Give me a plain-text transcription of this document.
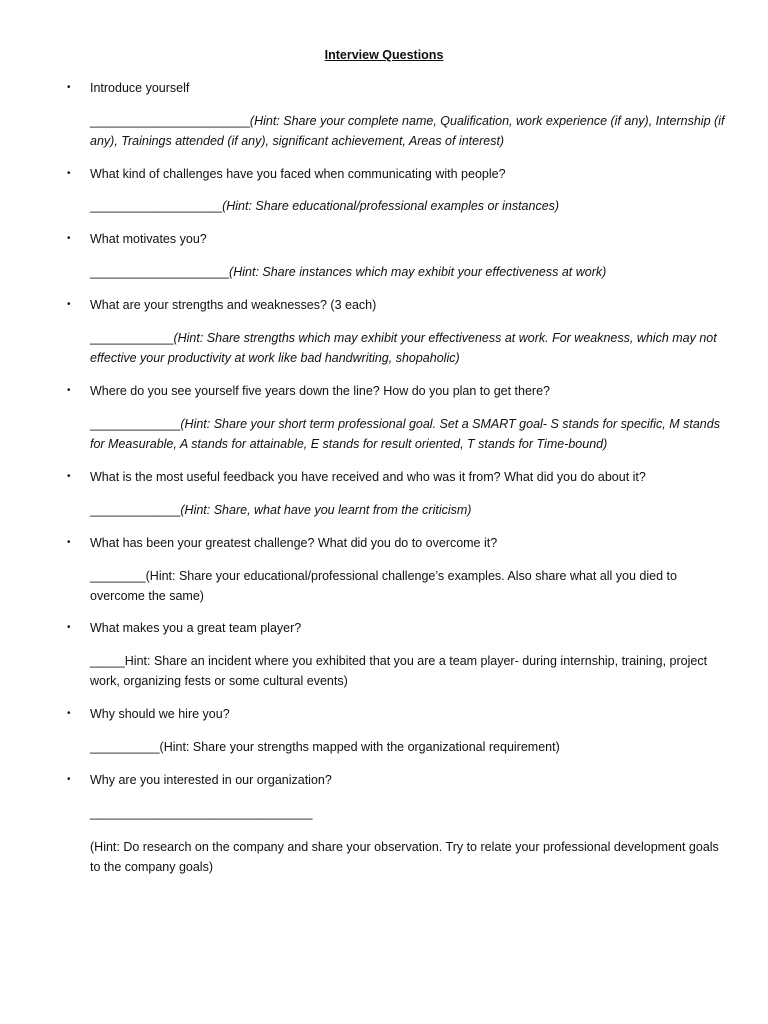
Interview Questions
• Introduce yourself
_______________________(Hint: Share your complete name, Qualification, work experience (if any), Internship (if any), Trainings attended (if any), significant achievement, Areas of interest)
• What kind of challenges have you faced when communicating with people?
___________________(Hint: Share educational/professional examples or instances)
• What motivates you?
____________________(Hint: Share instances which may exhibit your effectiveness at work)
• What are your strengths and weaknesses? (3 each)
____________(Hint: Share strengths which may exhibit your effectiveness at work. For weakness, which may not effective your productivity at work like bad handwriting, shopaholic)
• Where do you see yourself five years down the line? How do you plan to get there?
_____________(Hint: Share your short term professional goal. Set a SMART goal- S stands for specific, M stands for Measurable, A stands for attainable, E stands for result oriented, T stands for Time-bound)
• What is the most useful feedback you have received and who was it from? What did you do about it?
_____________(Hint: Share, what have you learnt from the criticism)
• What has been your greatest challenge? What did you do to overcome it?
________(Hint: Share your educational/professional challenge’s examples. Also share what all you died to overcome the same)
• What makes you a great team player?
_____Hint: Share an incident where you exhibited that you are a team player- during internship, training, project work, organizing fests or some cultural events)
• Why should we hire you?
__________(Hint: Share your strengths mapped with the organizational requirement)
• Why are you interested in our organization?
________________________________
(Hint: Do research on the company and share your observation. Try to relate your professional development goals to the company goals)
